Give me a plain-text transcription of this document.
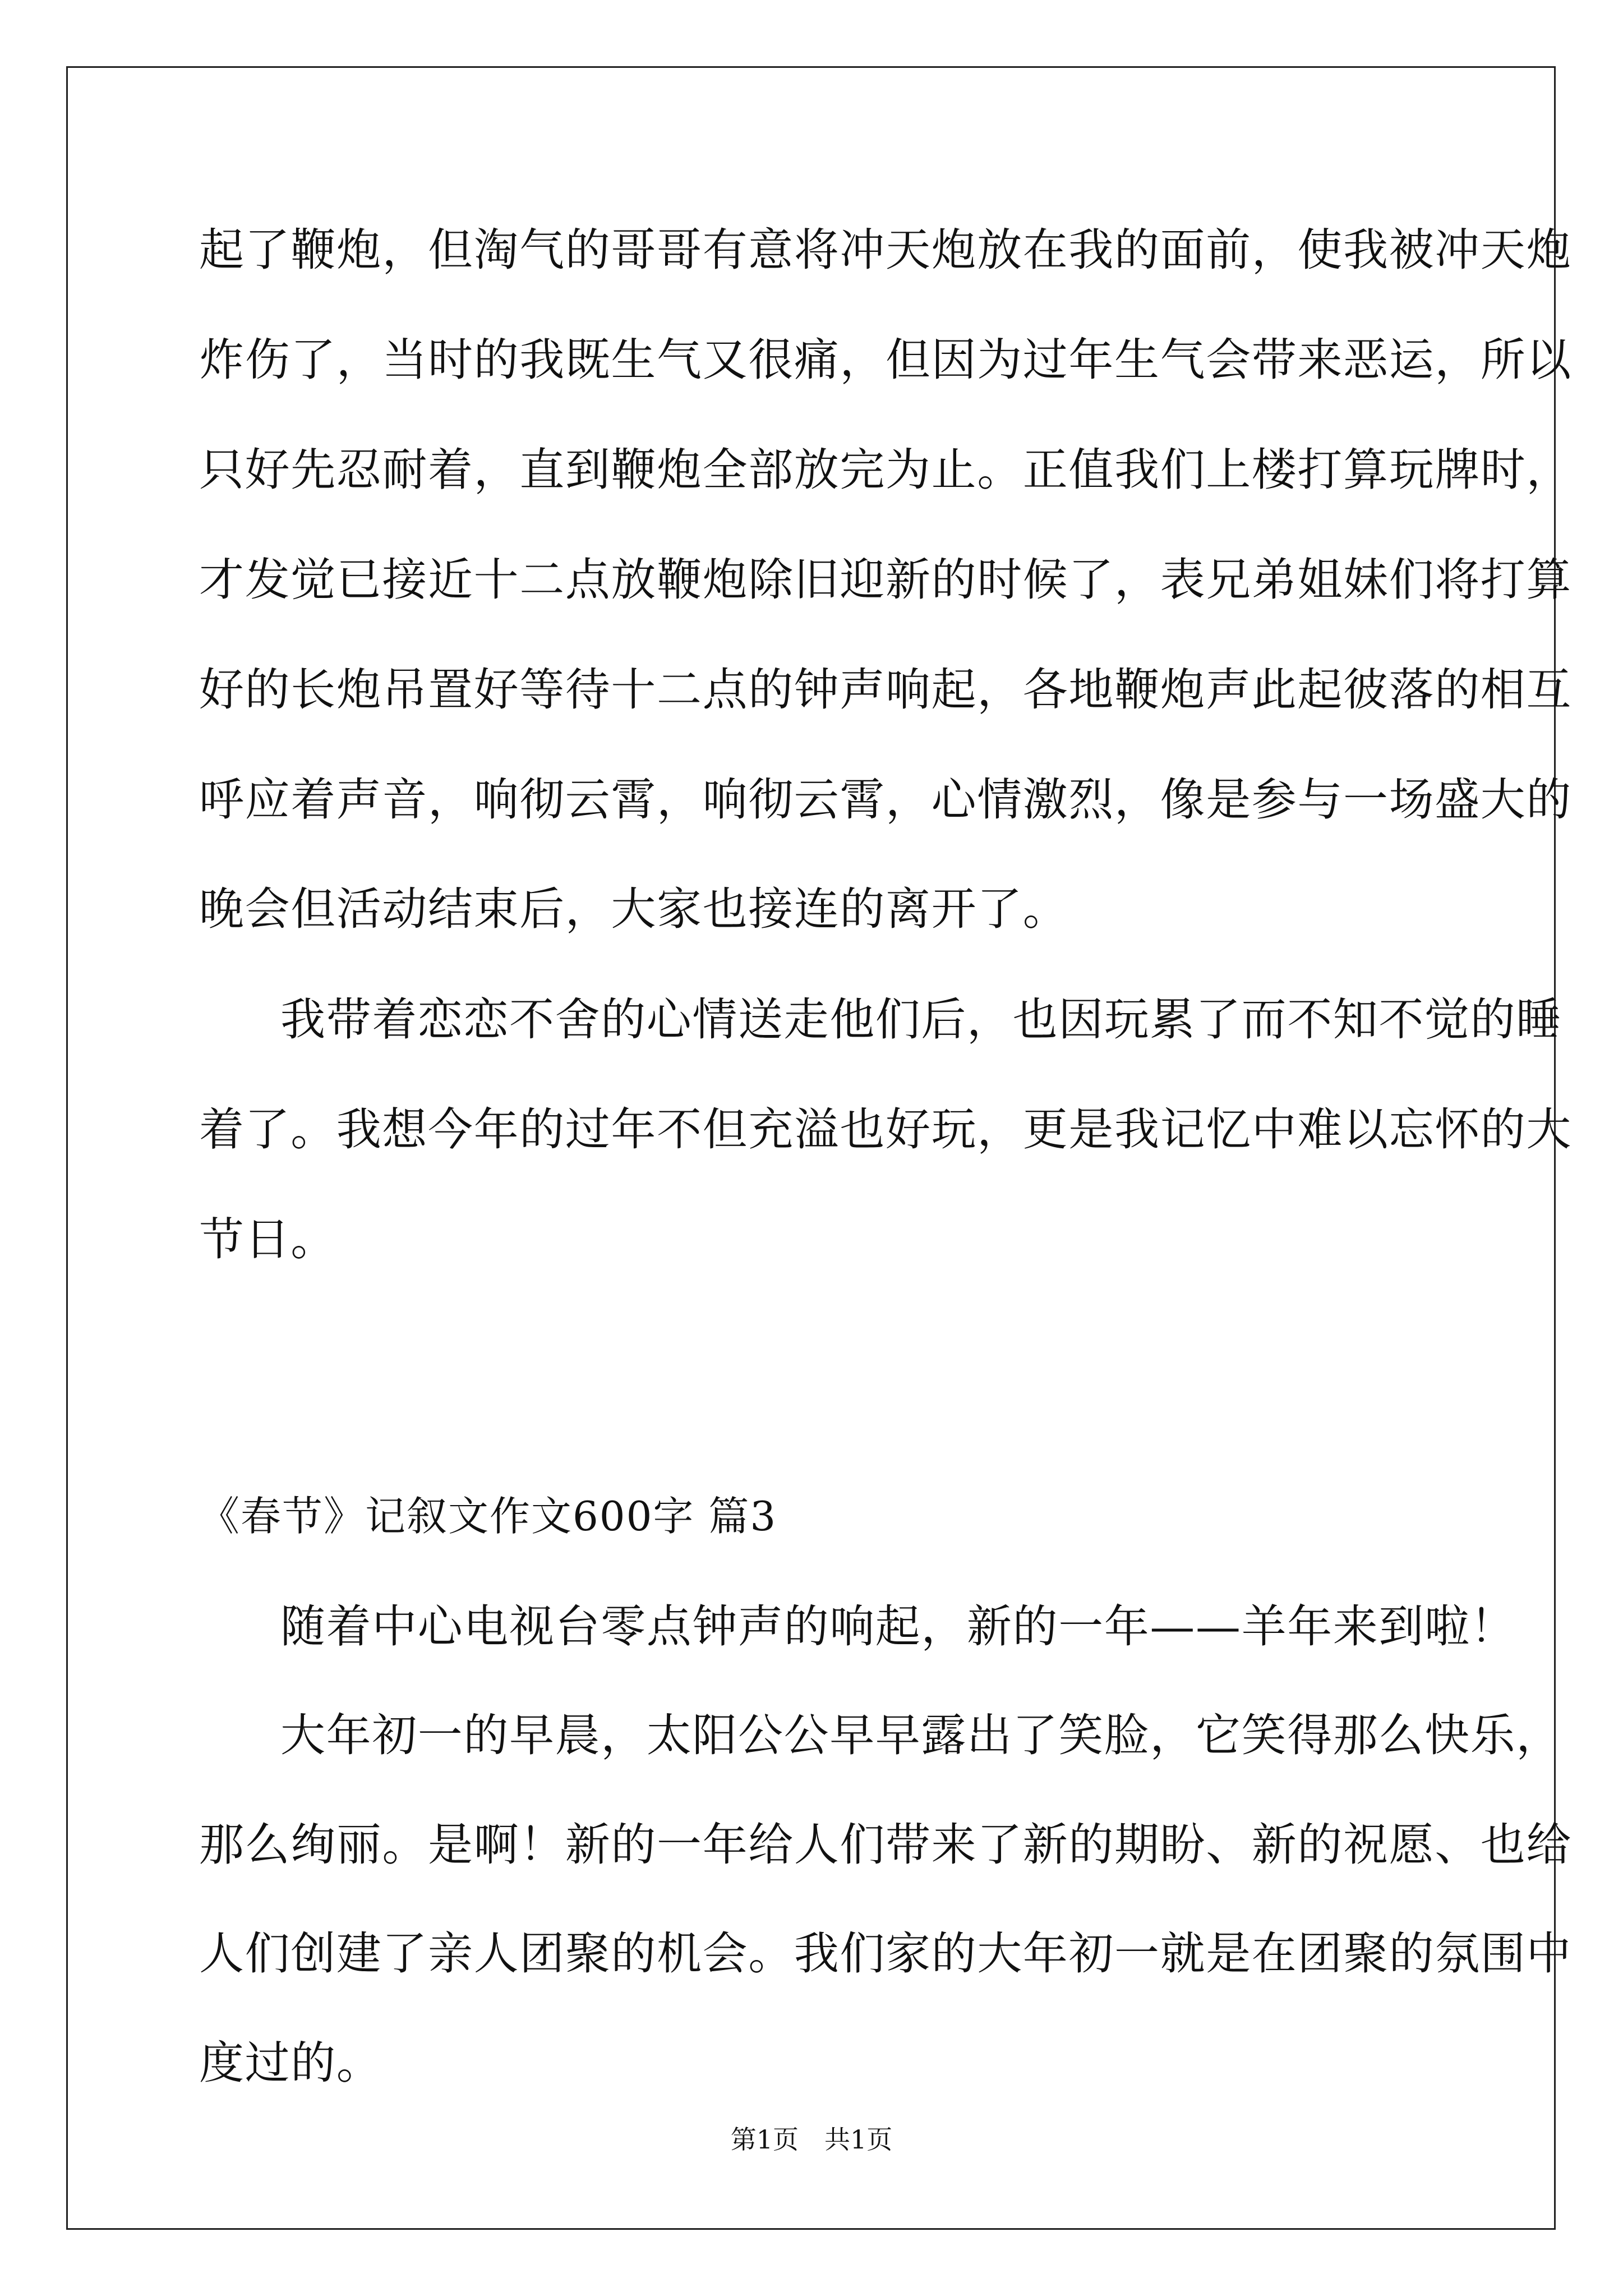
起了鞭炮，但淘气的哥哥有意将冲天炮放在我的面前，使我被冲天炮

炸伤了，当时的我既生气又很痛，但因为过年生气会带来恶运，所以

只好先忍耐着，直到鞭炮全部放完为止。正值我们上楼打算玩牌时，

才发觉已接近十二点放鞭炮除旧迎新的时候了，表兄弟姐妹们将打算

好的长炮吊置好等待十二点的钟声响起，各地鞭炮声此起彼落的相互

呼应着声音，响彻云霄，响彻云霄，心情激烈，像是参与一场盛大的

晚会但活动结束后，大家也接连的离开了。

我带着恋恋不舍的心情送走他们后，也因玩累了而不知不觉的睡

着了。我想今年的过年不但充溢也好玩，更是我记忆中难以忘怀的大

节日。

《春节》记叙文作文600字 篇3

随着中心电视台零点钟声的响起，新的一年——羊年来到啦！

大年初一的早晨，太阳公公早早露出了笑脸，它笑得那么快乐，

那么绚丽。是啊！新的一年给人们带来了新的期盼、新的祝愿、也给

人们创建了亲人团聚的机会。我们家的大年初一就是在团聚的氛围中

度过的。

第1页　共1页
